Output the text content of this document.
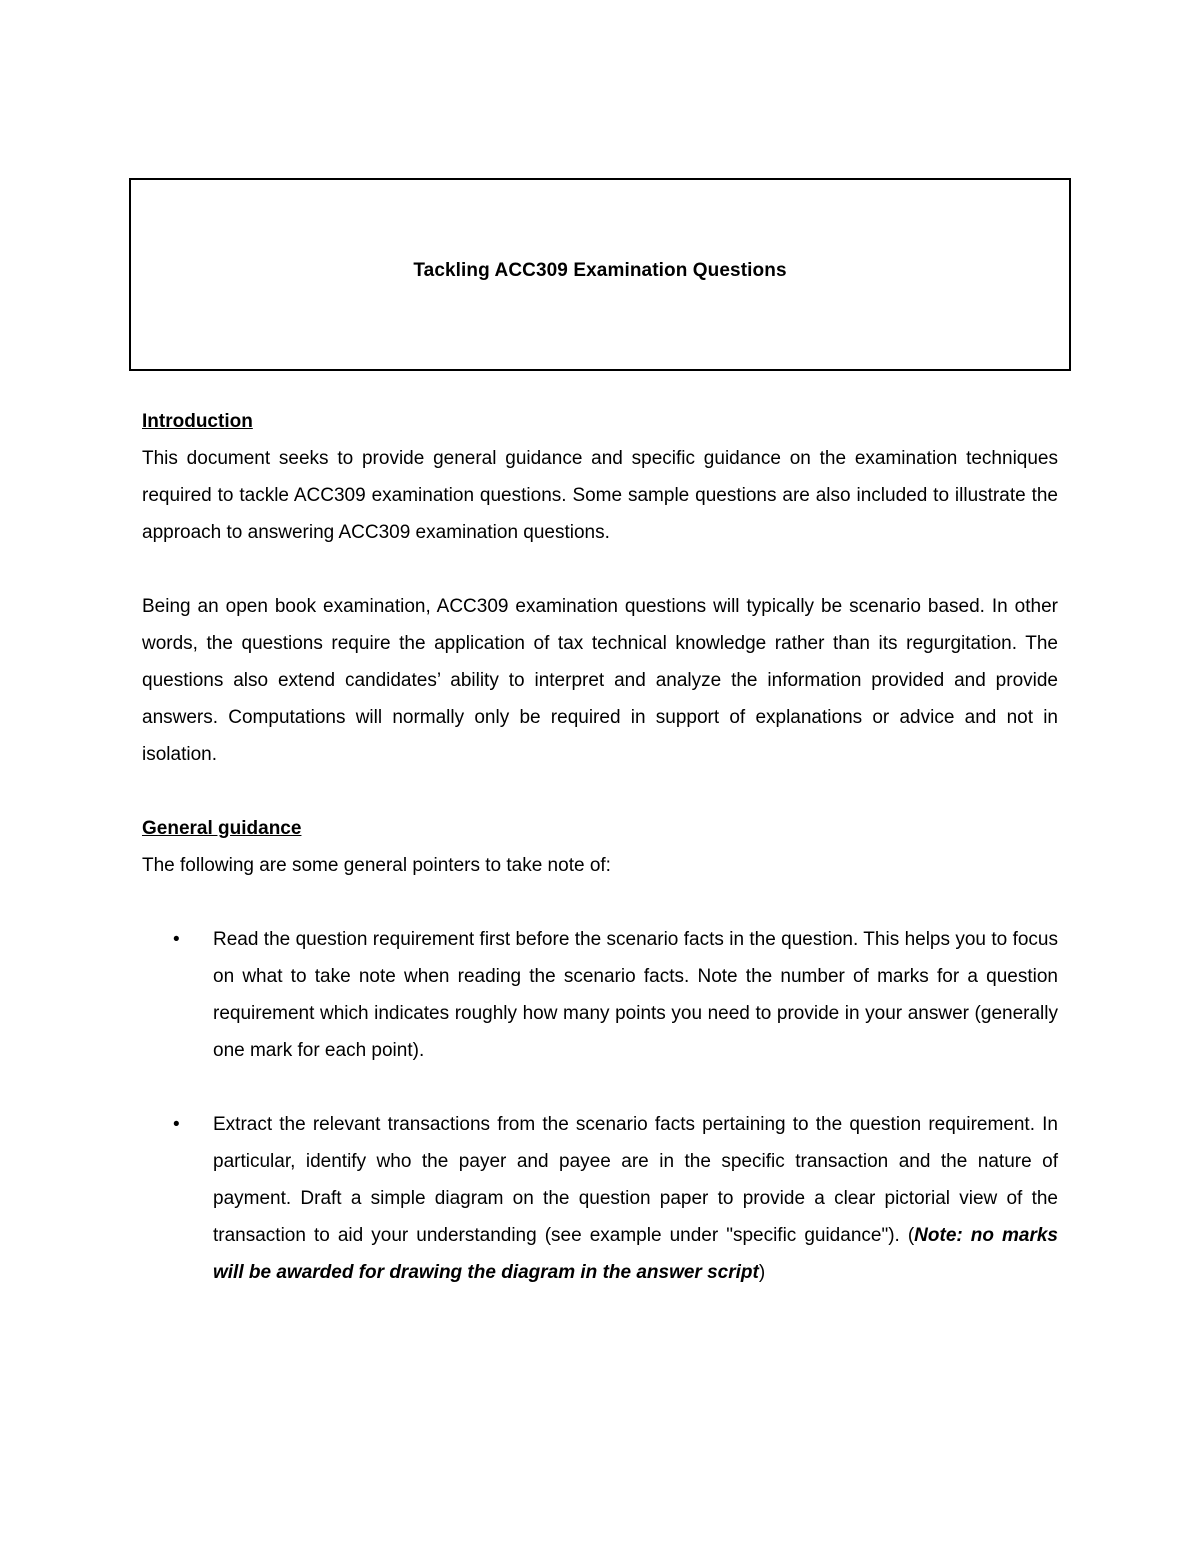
Tackling ACC309 Examination Questions

Introduction

This document seeks to provide general guidance and specific guidance on the examination techniques required to tackle ACC309 examination questions. Some sample questions are also included to illustrate the approach to answering ACC309 examination questions.

Being an open book examination, ACC309 examination questions will typically be scenario based. In other words, the questions require the application of tax technical knowledge rather than its regurgitation. The questions also extend candidates’ ability to interpret and analyze the information provided and provide answers. Computations will normally only be required in support of explanations or advice and not in isolation.

General guidance

The following are some general pointers to take note of:

• Read the question requirement first before the scenario facts in the question. This helps you to focus on what to take note when reading the scenario facts. Note the number of marks for a question requirement which indicates roughly how many points you need to provide in your answer (generally one mark for each point).
• Extract the relevant transactions from the scenario facts pertaining to the question requirement. In particular, identify who the payer and payee are in the specific transaction and the nature of payment. Draft a simple diagram on the question paper to provide a clear pictorial view of the transaction to aid your understanding (see example under "specific guidance"). (Note: no marks will be awarded for drawing the diagram in the answer script)
